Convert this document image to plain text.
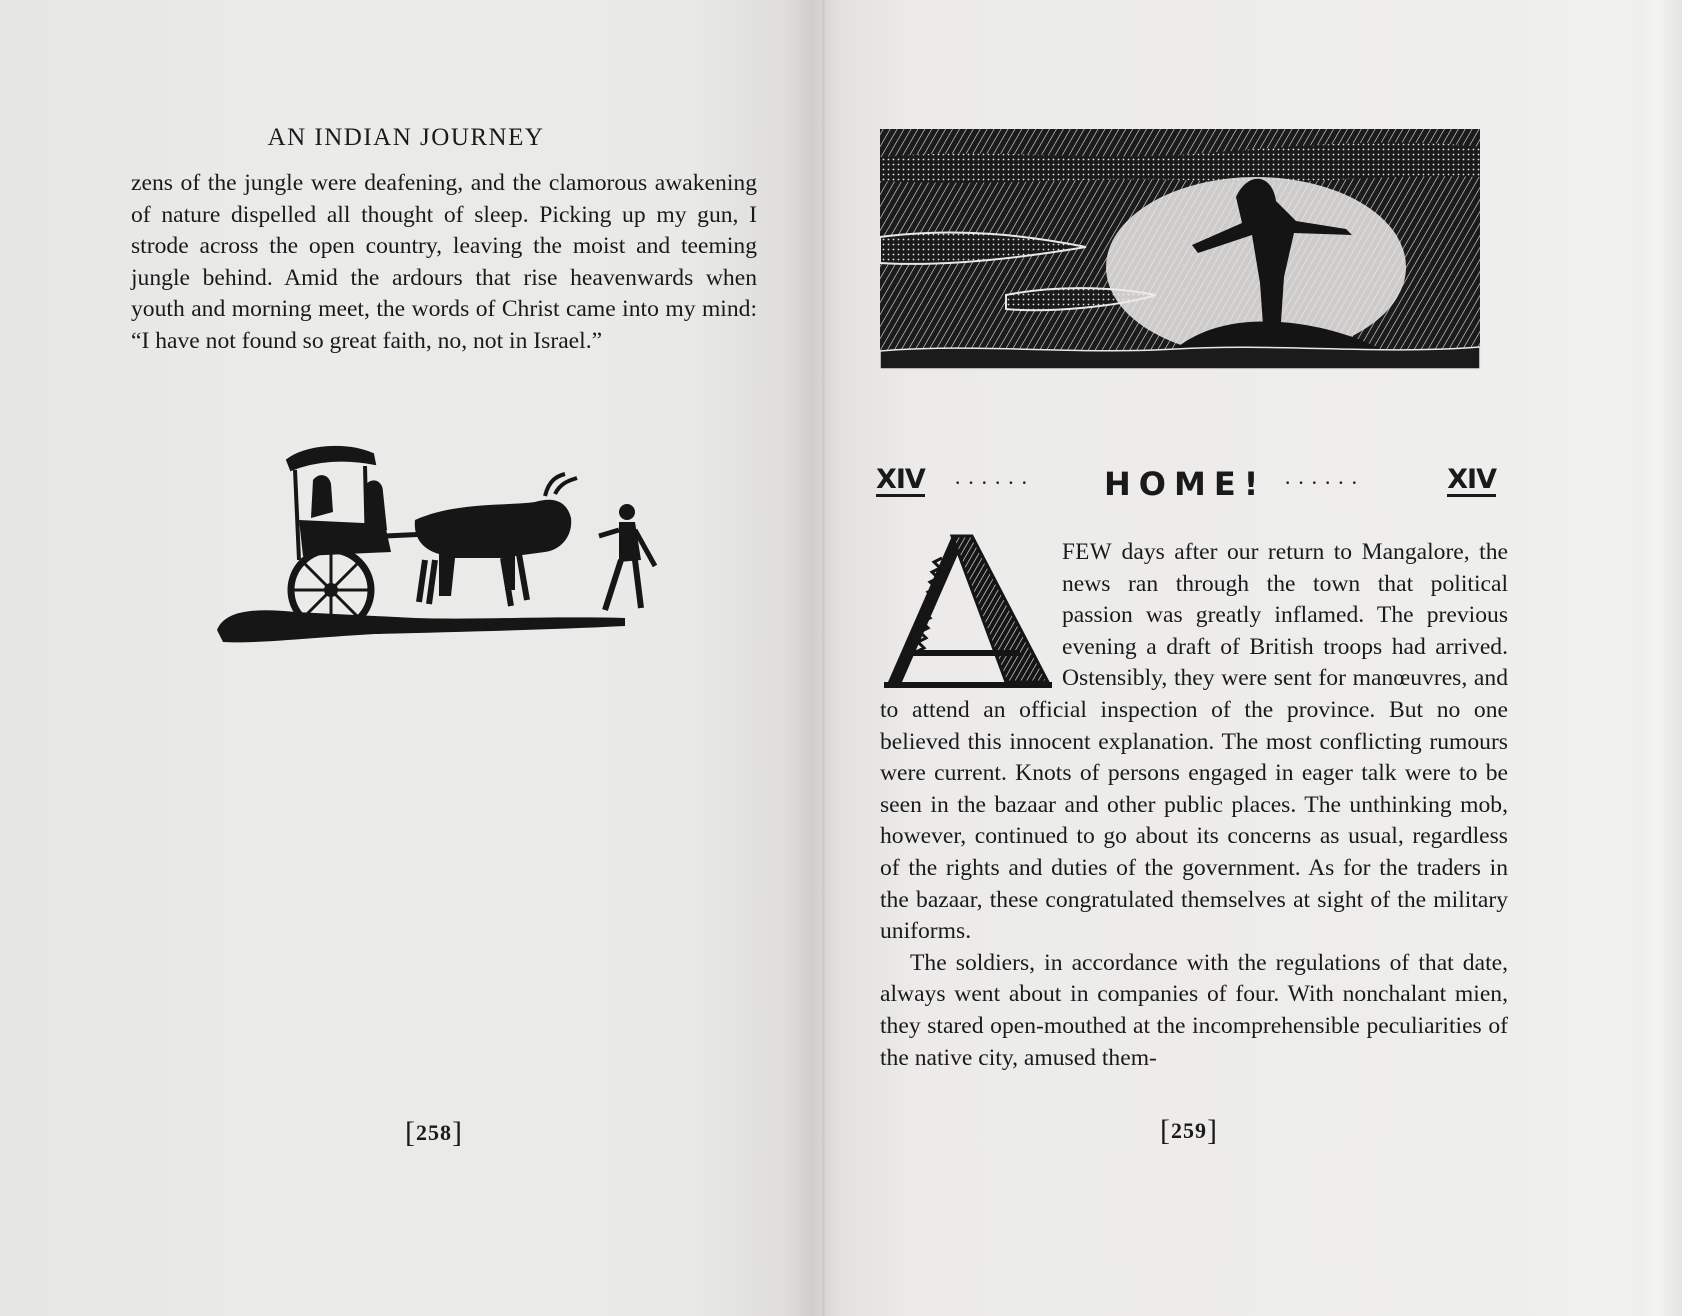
AN INDIAN JOURNEY

zens of the jungle were deafening, and the clamorous awakening of nature dispelled all thought of sleep. Picking up my gun, I strode across the open country, leaving the moist and teeming jungle behind. Amid the ardours that rise heavenwards when youth and morning meet, the words of Christ came into my mind: “I have not found so great faith, no, not in Israel.”

[258]
XIV ······ HOME! ······	XIV
A

FEW days after our return to Mangalore, the news ran through the town that political passion was greatly inflamed. The previous evening a draft of British troops had arrived. Ostensibly, they were sent for manœuvres, and to attend an official inspection of the province. But no one believed this innocent explanation. The most conflicting rumours were current. Knots of persons engaged in eager talk were to be seen in the bazaar and other public places. The unthinking mob, however, continued to go about its concerns as usual, regardless of the rights and duties of the government. As for the traders in the bazaar, these congratulated themselves at sight of the military uniforms.

The soldiers, in accordance with the regulations of that date, always went about in companies of four. With nonchalant mien, they stared open-mouthed at the incomprehensible peculiarities of the native city, amused them-

[259]
